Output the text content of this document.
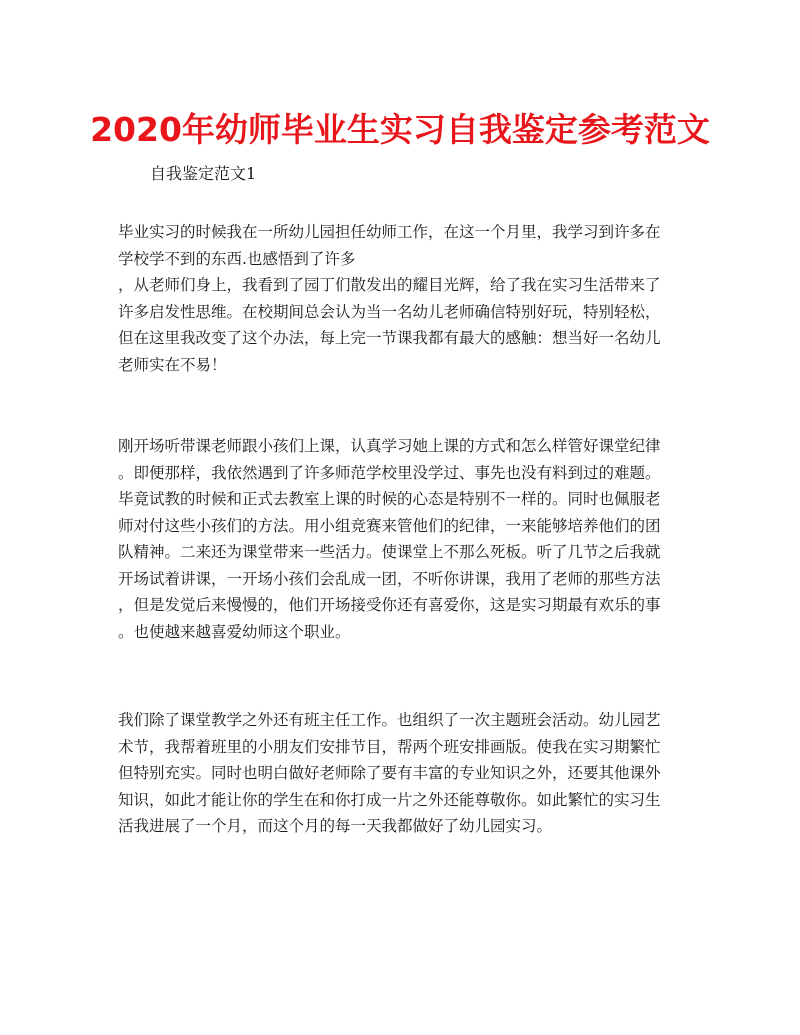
2020年幼师毕业生实习自我鉴定参考范文

自我鉴定范文1

毕业实习的时候我在一所幼儿园担任幼师工作，在这一个月里，我学习到许多在
学校学不到的东西.也感悟到了许多
，从老师们身上，我看到了园丁们散发出的耀目光辉，给了我在实习生活带来了
许多启发性思维。在校期间总会认为当一名幼儿老师确信特别好玩，特别轻松，
但在这里我改变了这个办法，每上完一节课我都有最大的感触：想当好一名幼儿
老师实在不易！
刚开场听带课老师跟小孩们上课，认真学习她上课的方式和怎么样管好课堂纪律
。即便那样，我依然遇到了许多师范学校里没学过、事先也没有料到过的难题。
毕竟试教的时候和正式去教室上课的时候的心态是特别不一样的。同时也佩服老
师对付这些小孩们的方法。用小组竞赛来管他们的纪律，一来能够培养他们的团
队精神。二来还为课堂带来一些活力。使课堂上不那么死板。听了几节之后我就
开场试着讲课，一开场小孩们会乱成一团，不听你讲课，我用了老师的那些方法
，但是发觉后来慢慢的，他们开场接受你还有喜爱你，这是实习期最有欢乐的事
。也使越来越喜爱幼师这个职业。
我们除了课堂教学之外还有班主任工作。也组织了一次主题班会活动。幼儿园艺
术节，我帮着班里的小朋友们安排节目，帮两个班安排画版。使我在实习期繁忙
但特别充实。同时也明白做好老师除了要有丰富的专业知识之外，还要其他课外
知识，如此才能让你的学生在和你打成一片之外还能尊敬你。如此繁忙的实习生
活我进展了一个月，而这个月的每一天我都做好了幼儿园实习。
